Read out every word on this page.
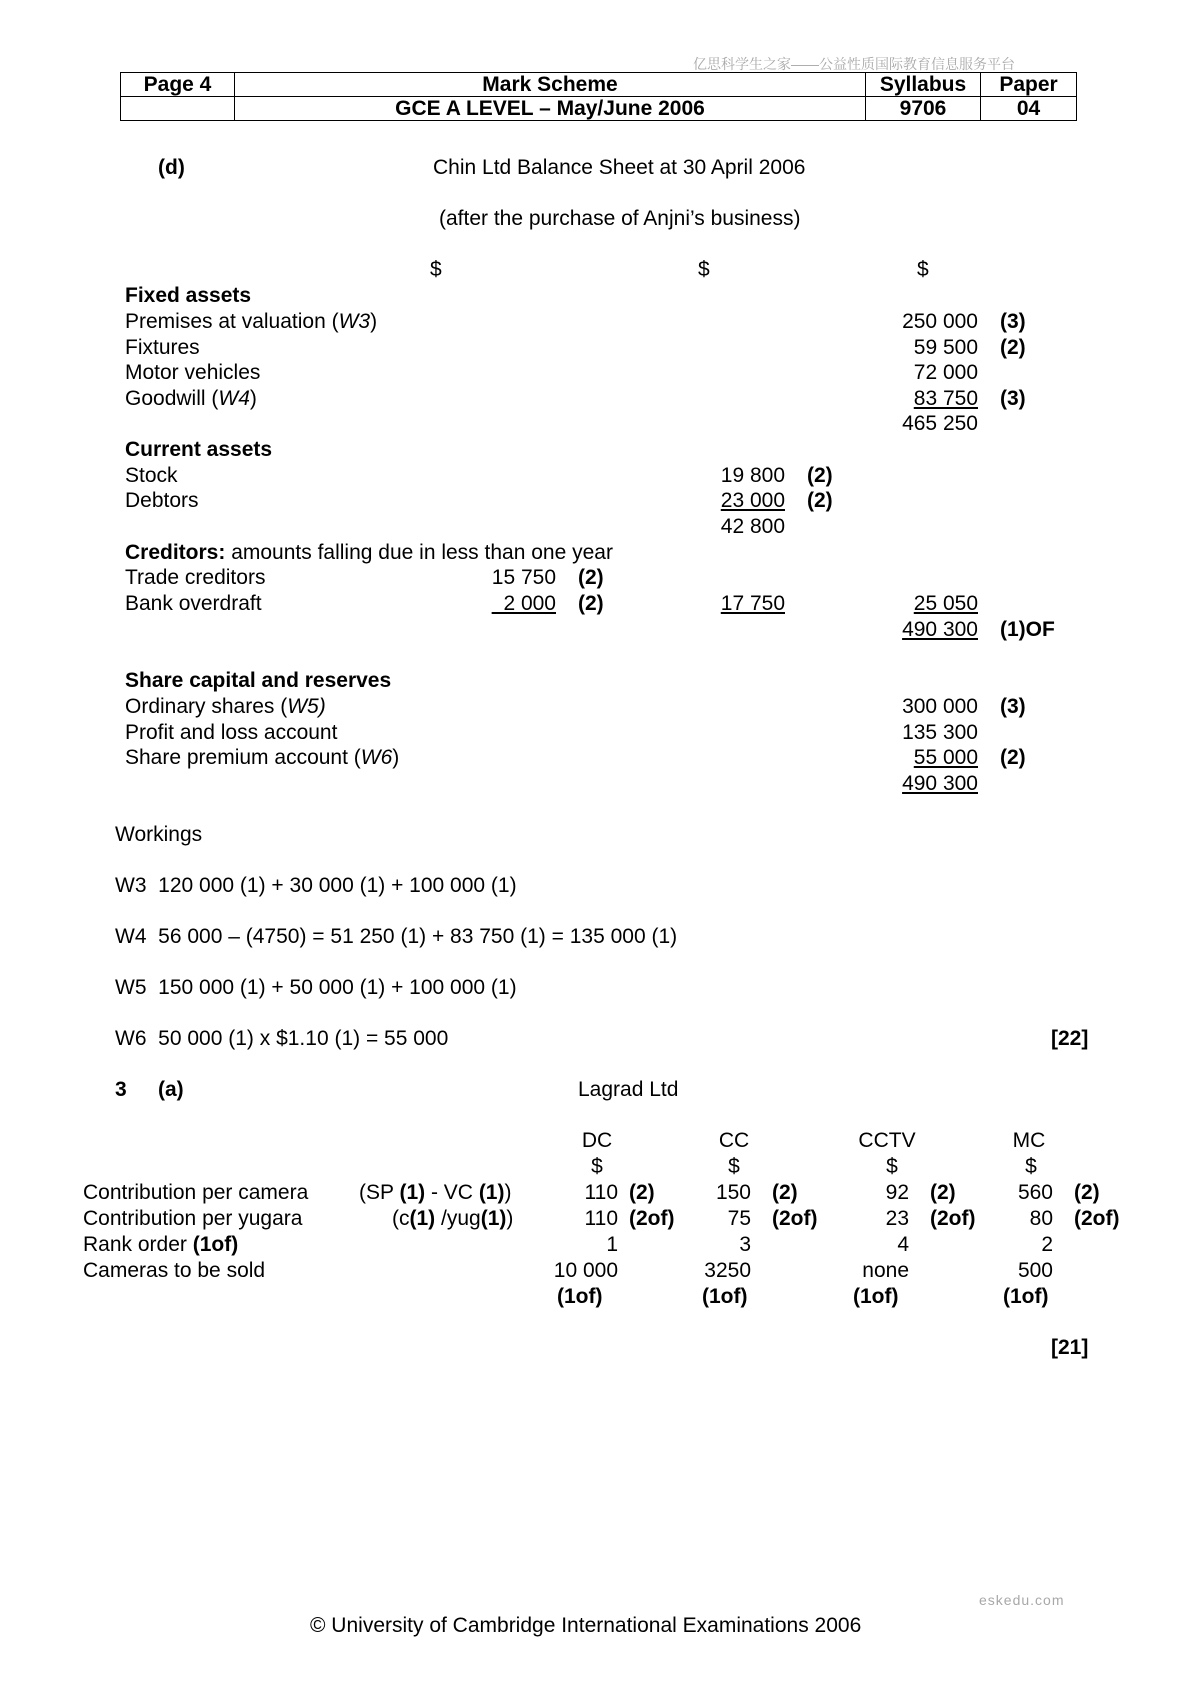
亿思科学生之家——公益性质国际教育信息服务平台
Page 4	Mark Scheme	Syllabus	Paper
	GCE A LEVEL – May/June 2006	9706	04
(d)	Chin Ltd Balance Sheet at 30 April 2006
(after the purchase of Anjni’s business)
$	$	$
Fixed assets
Premises at valuation (W3)	250 000 (3)
Fixtures	59 500 (2)
Motor vehicles	72 000
Goodwill (W4)	83 750 (3)
465 250
Current assets
Stock	19 800 (2)
Debtors	23 000 (2)
42 800
Creditors: amounts falling due in less than one year
Trade creditors	15 750 (2)
Bank overdraft	2 000 (2)	17 750	25 050
490 300 (1)OF
Share capital and reserves
Ordinary shares (W5)	300 000 (3)
Profit and loss account	135 300
Share premium account (W6)	55 000 (2)
490 300
Workings
W3  120 000 (1) + 30 000 (1) + 100 000 (1)
W4  56 000 – (4750) = 51 250 (1) + 83 750 (1) = 135 000 (1)
W5  150 000 (1) + 50 000 (1) + 100 000 (1)
W6  50 000 (1) x $1.10 (1) = 55 000	[22]
3 (a)	Lagrad Ltd
DC	CC	CCTV	MC
$	$	$	$
Contribution per camera (SP (1) - VC (1))	110 (2)	150 (2)	92 (2)	560 (2)
Contribution per yugara	(c(1) /yug(1))	110 (2of)	75 (2of)	23 (2of)	80 (2of)
Rank order (1of)	1	3	4	2
Cameras to be sold	10 000	3250	none	500
(1of)	(1of)	(1of)	(1of)
[21]
eskedu.com
© University of Cambridge International Examinations 2006
